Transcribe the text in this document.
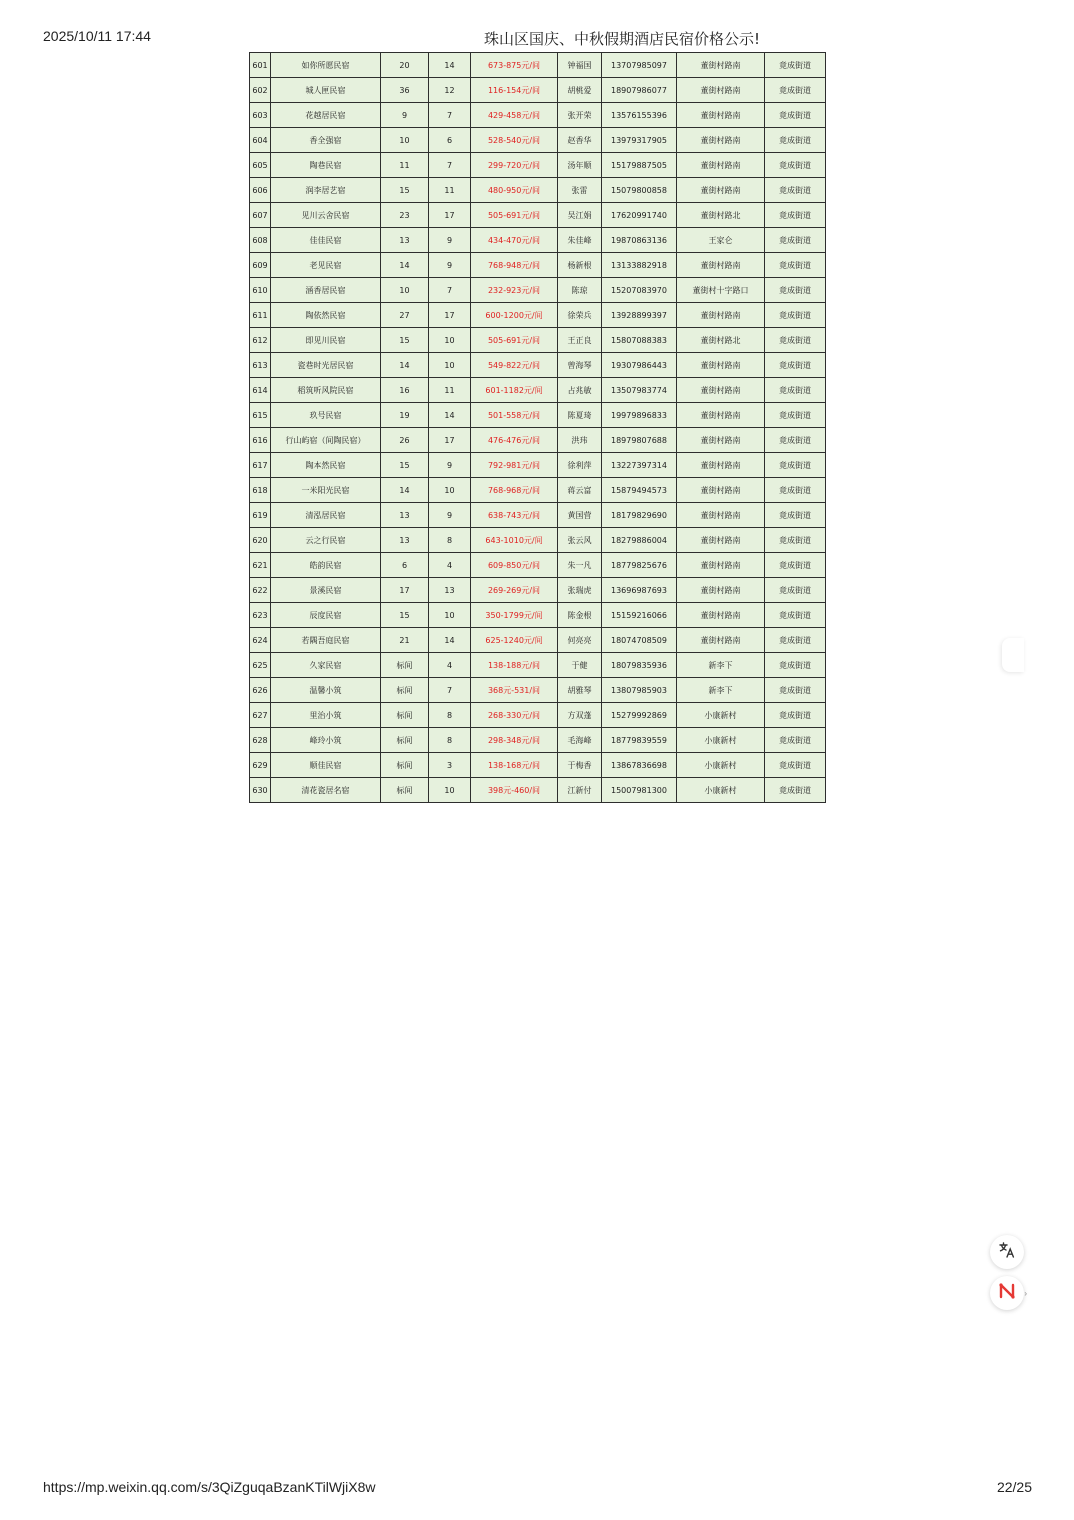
2025/10/11 17:44	珠山区国庆、中秋假期酒店民宿价格公示!
601	如你所愿民宿	20	14	673-875元/间	钟福国	13707985097	董街村路南	竟成街道
602	城人匣民宿	36	12	116-154元/间	胡桃爱	18907986077	董街村路南	竟成街道
603	花越居民宿	9	7	429-458元/间	张开荣	13576155396	董街村路南	竟成街道
604	香全强宿	10	6	528-540元/间	赵香华	13979317905	董街村路南	竟成街道
605	陶巷民宿	11	7	299-720元/间	汤年顺	15179887505	董街村路南	竟成街道
606	润李居艺宿	15	11	480-950元/间	张雷	15079800858	董街村路南	竟成街道
607	见川云舍民宿	23	17	505-691元/间	吴江娟	17620991740	董街村路北	竟成街道
608	佳佳民宿	13	9	434-470元/间	朱佳峰	19870863136	王家仑	竟成街道
609	老见民宿	14	9	768-948元/间	杨新根	13133882918	董街村路南	竟成街道
610	涵香居民宿	10	7	232-923元/间	陈琼	15207083970	董街村十字路口	竟成街道
611	陶依然民宿	27	17	600-1200元/间	徐荣兵	13928899397	董街村路南	竟成街道
612	即见川民宿	15	10	505-691元/间	王正良	15807088383	董街村路北	竟成街道
613	瓷巷时光居民宿	14	10	549-822元/间	曾海琴	19307986443	董街村路南	竟成街道
614	稻筑听风院民宿	16	11	601-1182元/间	占兆敏	13507983774	董街村路南	竟成街道
615	玖号民宿	19	14	501-558元/间	陈夏琦	19979896833	董街村路南	竟成街道
616	行山屿宿（间陶民宿）	26	17	476-476元/间	洪玮	18979807688	董街村路南	竟成街道
617	陶本然民宿	15	9	792-981元/间	徐利萍	13227397314	董街村路南	竟成街道
618	一米阳光民宿	14	10	768-968元/间	蒋云富	15879494573	董街村路南	竟成街道
619	清泓居民宿	13	9	638-743元/间	黄国营	18179829690	董街村路南	竟成街道
620	云之行民宿	13	8	643-1010元/间	张云风	18279886004	董街村路南	竟成街道
621	皓韵民宿	6	4	609-850元/间	朱一凡	18779825676	董街村路南	竟成街道
622	景溪民宿	17	13	269-269元/间	张瑞虎	13696987693	董街村路南	竟成街道
623	辰度民宿	15	10	350-1799元/间	陈金根	15159216066	董街村路南	竟成街道
624	若隅吾庭民宿	21	14	625-1240元/间	何亮亮	18074708509	董街村路南	竟成街道
625	久家民宿	标间	4	138-188元/间	于健	18079835936	新李下	竟成街道
626	温馨小筑	标间	7	368元-531/间	胡雅琴	13807985903	新李下	竟成街道
627	里治小筑	标间	8	268-330元/间	方双蓬	15279992869	小康新村	竟成街道
628	峰玲小筑	标间	8	298-348元/间	毛海峰	18779839559	小康新村	竟成街道
629	顺佳民宿	标间	3	138-168元/间	于梅香	13867836698	小康新村	竟成街道
630	清花瓷居名宿	标间	10	398元-460/间	江新付	15007981300	小康新村	竟成街道
›
https://mp.weixin.qq.com/s/3QiZguqaBzanKTilWjiX8w	22/25
